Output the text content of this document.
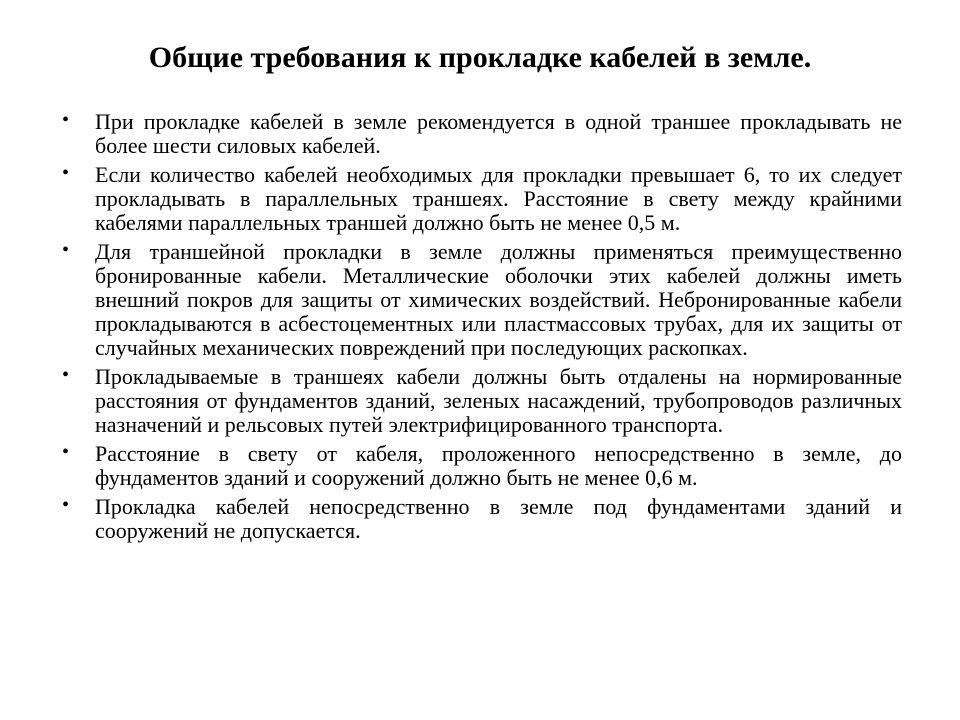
Общие требования к прокладке кабелей в земле.
• При прокладке кабелей в земле рекомендуется в одной траншее прокладывать не более шести силовых кабелей.
• Если количество кабелей необходимых для прокладки превышает 6, то их следует прокладывать в параллельных траншеях. Расстояние в свету между крайними кабелями параллельных траншей должно быть не менее 0,5 м.
• Для траншейной прокладки в земле должны применяться преимущественно бронированные кабели. Металлические оболочки этих кабелей должны иметь внешний покров для защиты от химических воздействий. Небронированные кабели прокладываются в асбестоцементных или пластмассовых трубах, для их защиты от случайных механических повреждений при последующих раскопках.
• Прокладываемые в траншеях кабели должны быть отдалены на нормированные расстояния от фундаментов зданий, зеленых насаждений, трубопроводов различных назначений и рельсовых путей электрифицированного транспорта.
• Расстояние в свету от кабеля, проложенного непосредственно в земле, до фундаментов зданий и сооружений должно быть не менее 0,6 м.
• Прокладка кабелей непосредственно в земле под фундаментами зданий и сооружений не допускается.
